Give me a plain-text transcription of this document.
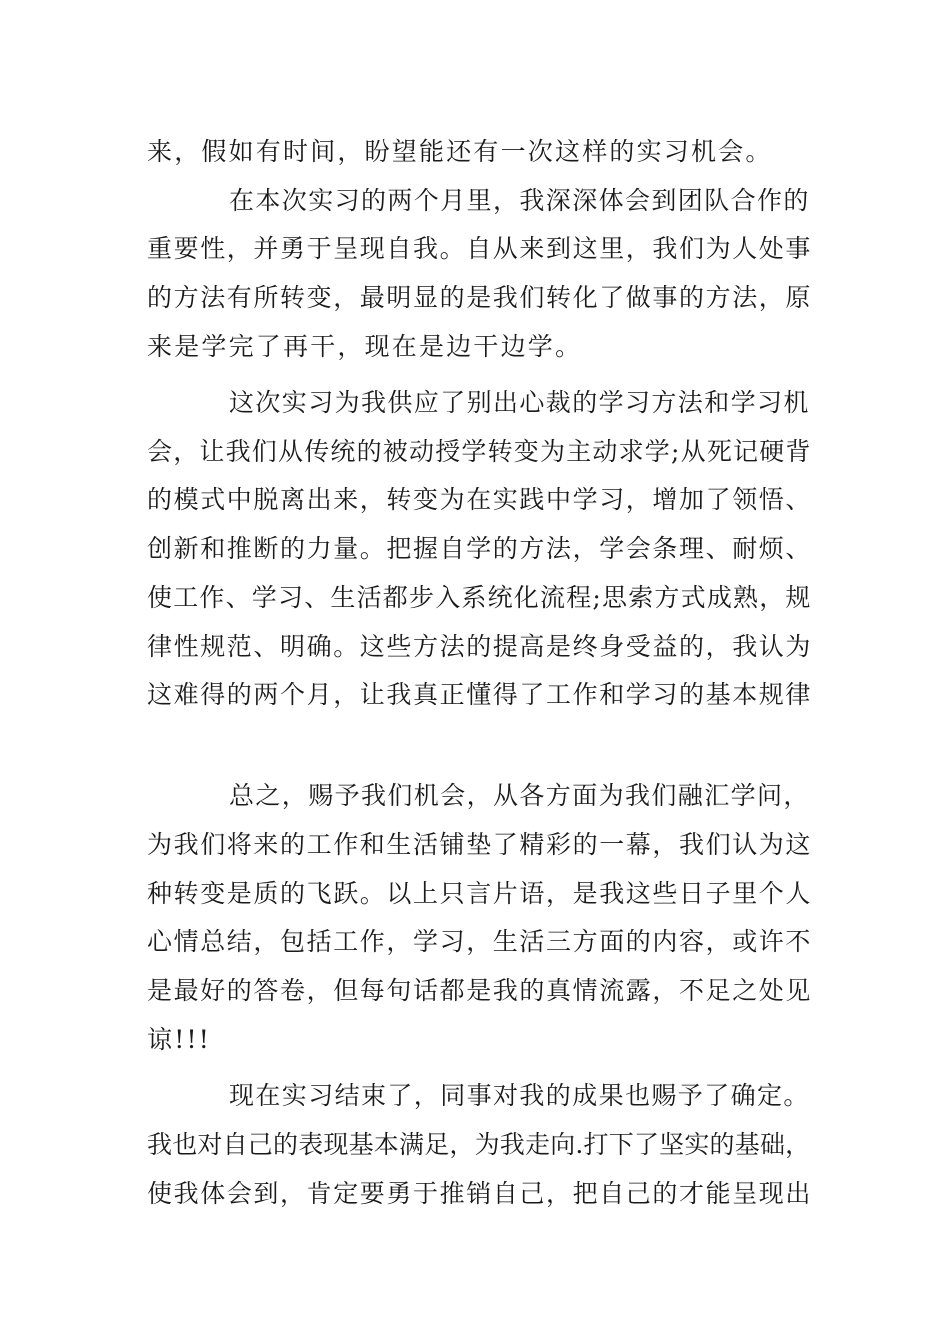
来，假如有时间，盼望能还有一次这样的实习机会。
在本次实习的两个月里，我深深体会到团队合作的
重要性，并勇于呈现自我。自从来到这里，我们为人处事
的方法有所转变，最明显的是我们转化了做事的方法，原
来是学完了再干，现在是边干边学。
这次实习为我供应了别出心裁的学习方法和学习机
会，让我们从传统的被动授学转变为主动求学;从死记硬背
的模式中脱离出来，转变为在实践中学习，增加了领悟、
创新和推断的力量。把握自学的方法，学会条理、耐烦、
使工作、学习、生活都步入系统化流程;思索方式成熟，规
律性规范、明确。这些方法的提高是终身受益的，我认为
这难得的两个月，让我真正懂得了工作和学习的基本规律
总之，赐予我们机会，从各方面为我们融汇学问，
为我们将来的工作和生活铺垫了精彩的一幕，我们认为这
种转变是质的飞跃。以上只言片语，是我这些日子里个人
心情总结，包括工作，学习，生活三方面的内容，或许不
是最好的答卷，但每句话都是我的真情流露，不足之处见
谅!!!
现在实习结束了，同事对我的成果也赐予了确定。
我也对自己的表现基本满足，为我走向.打下了坚实的基础，
使我体会到，肯定要勇于推销自己，把自己的才能呈现出
